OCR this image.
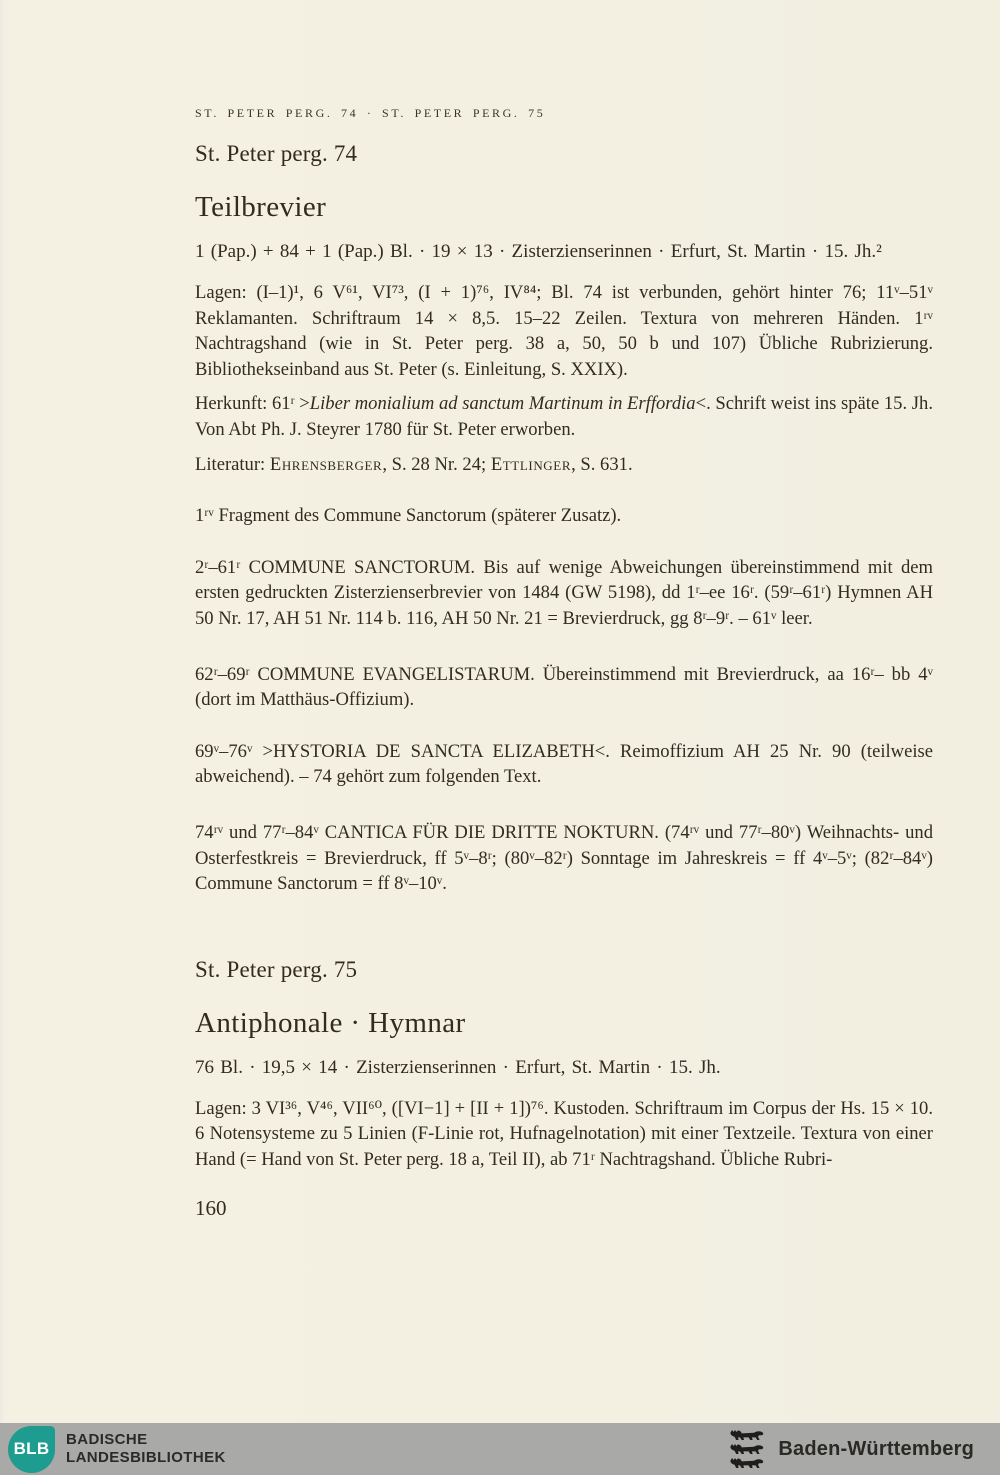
ST. PETER PERG. 74 · ST. PETER PERG. 75
St. Peter perg. 74
Teilbrevier
1 (Pap.) + 84 + 1 (Pap.) Bl. · 19 × 13 · Zisterzienserinnen · Erfurt, St. Martin · 15. Jh.²

Lagen: (I–1)¹, 6 V⁶¹, VI⁷³, (I + 1)⁷⁶, IV⁸⁴; Bl. 74 ist verbunden, gehört hinter 76; 11ᵛ–51ᵛ Reklamanten. Schriftraum 14 × 8,5. 15–22 Zeilen. Textura von mehreren Händen. 1ʳᵛ Nachtragshand (wie in St. Peter perg. 38 a, 50, 50 b und 107) Übliche Rubrizierung. Bibliothekseinband aus St. Peter (s. Einleitung, S. XXIX).

Herkunft: 61ʳ >Liber monialium ad sanctum Martinum in Erffordia<. Schrift weist ins späte 15. Jh. Von Abt Ph. J. Steyrer 1780 für St. Peter erworben.

Literatur: Ehrensberger, S. 28 Nr. 24; Ettlinger, S. 631.

1ʳᵛ Fragment des Commune Sanctorum (späterer Zusatz).

2ʳ–61ʳ COMMUNE SANCTORUM. Bis auf wenige Abweichungen übereinstimmend mit dem ersten gedruckten Zisterzienserbrevier von 1484 (GW 5198), dd 1ʳ–ee 16ʳ. (59ʳ–61ʳ) Hymnen AH 50 Nr. 17, AH 51 Nr. 114 b. 116, AH 50 Nr. 21 = Brevierdruck, gg 8ʳ–9ʳ. – 61ᵛ leer.

62ʳ–69ʳ COMMUNE EVANGELISTARUM. Übereinstimmend mit Brevierdruck, aa 16ʳ– bb 4ᵛ (dort im Matthäus-Offizium).

69ᵛ–76ᵛ >HYSTORIA DE SANCTA ELIZABETH<. Reimoffizium AH 25 Nr. 90 (teilweise abweichend). – 74 gehört zum folgenden Text.

74ʳᵛ und 77ʳ–84ᵛ CANTICA FÜR DIE DRITTE NOKTURN. (74ʳᵛ und 77ʳ–80ᵛ) Weihnachts- und Osterfestkreis = Brevierdruck, ff 5ᵛ–8ʳ; (80ᵛ–82ʳ) Sonntage im Jahreskreis = ff 4ᵛ–5ᵛ; (82ʳ–84ᵛ) Commune Sanctorum = ff 8ᵛ–10ᵛ.

St. Peter perg. 75
Antiphonale · Hymnar
76 Bl. · 19,5 × 14 · Zisterzienserinnen · Erfurt, St. Martin · 15. Jh.

Lagen: 3 VI³⁶, V⁴⁶, VII⁶⁰, ([VI−1] + [II + 1])⁷⁶. Kustoden. Schriftraum im Corpus der Hs. 15 × 10. 6 Notensysteme zu 5 Linien (F-Linie rot, Hufnagelnotation) mit einer Textzeile. Textura von einer Hand (= Hand von St. Peter perg. 18 a, Teil II), ab 71ʳ Nachtragshand. Übliche Rubri-

160
BLB BADISCHE
LANDESBIBLIOTHEK	Baden-Württemberg
